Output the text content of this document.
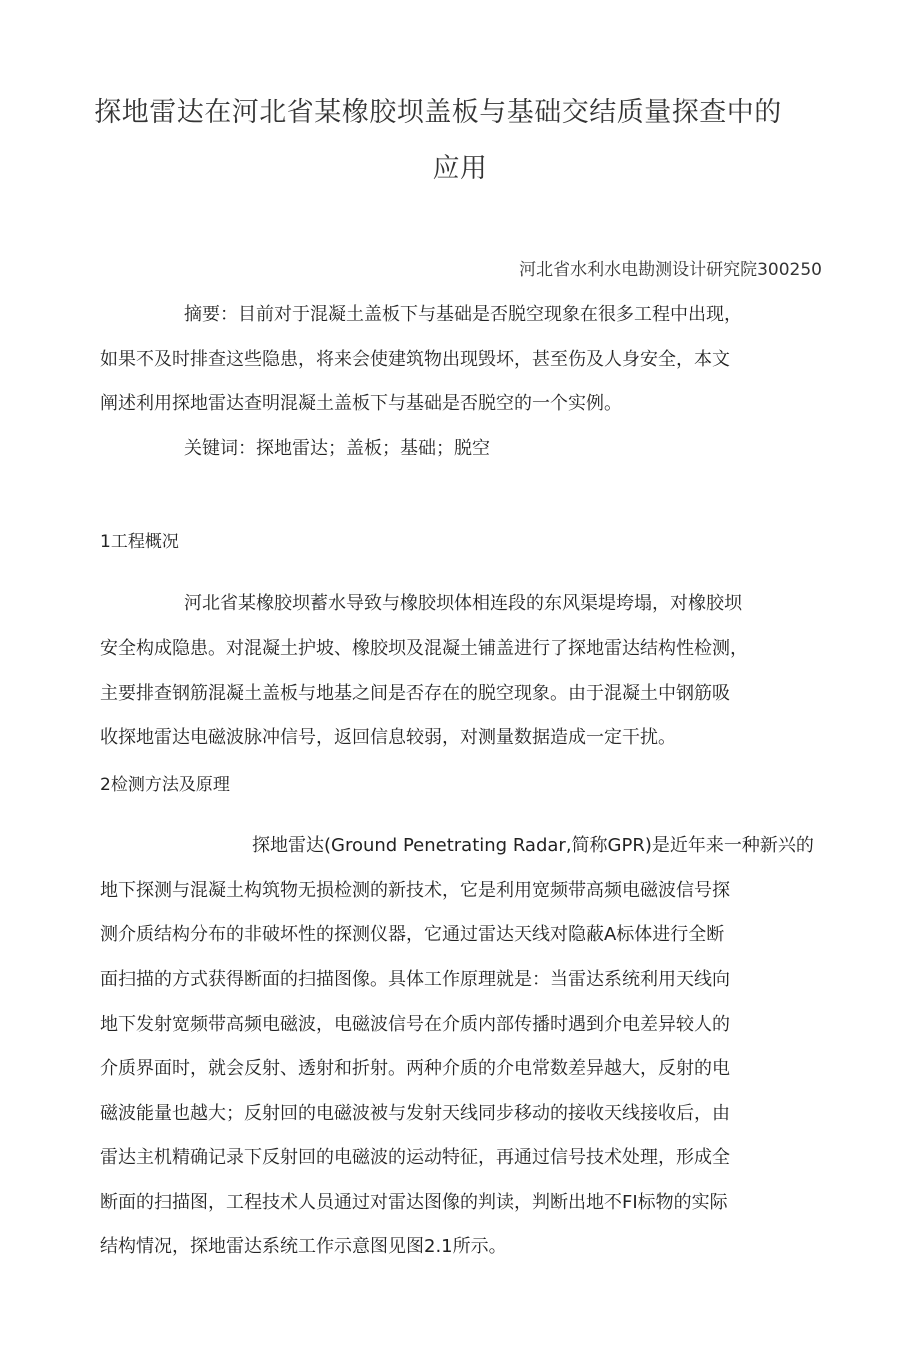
探地雷达在河北省某橡胶坝盖板与基础交结质量探查中的
应用
河北省水利水电勘测设计研究院300250
摘要：目前对于混凝土盖板下与基础是否脱空现象在很多工程中出现，
如果不及时排查这些隐患，将来会使建筑物出现毁坏，甚至伤及人身安全，本文
阐述利用探地雷达查明混凝土盖板下与基础是否脱空的一个实例。
关键词：探地雷达；盖板；基础；脱空
1工程概况
河北省某橡胶坝蓄水导致与橡胶坝体相连段的东风渠堤垮塌，对橡胶坝
安全构成隐患。对混凝土护坡、橡胶坝及混凝土铺盖进行了探地雷达结构性检测，
主要排查钢筋混凝土盖板与地基之间是否存在的脱空现象。由于混凝土中钢筋吸
收探地雷达电磁波脉冲信号，返回信息较弱，对测量数据造成一定干扰。
2检测方法及原理
探地雷达(Ground Penetrating Radar,简称GPR)是近年来一种新兴的
地下探测与混凝土构筑物无损检测的新技术，它是利用宽频带高频电磁波信号探
测介质结构分布的非破坏性的探测仪器，它通过雷达天线对隐蔽A标体进行全断
面扫描的方式获得断面的扫描图像。具体工作原理就是：当雷达系统利用天线向
地下发射宽频带高频电磁波，电磁波信号在介质内部传播时遇到介电差异较人的
介质界面时，就会反射、透射和折射。两种介质的介电常数差异越大，反射的电
磁波能量也越大；反射回的电磁波被与发射天线同步移动的接收天线接收后，由
雷达主机精确记录下反射回的电磁波的运动特征，再通过信号技术处理，形成全
断面的扫描图，工程技术人员通过对雷达图像的判读，判断出地不FI标物的实际
结构情况，探地雷达系统工作示意图见图2.1所示。
